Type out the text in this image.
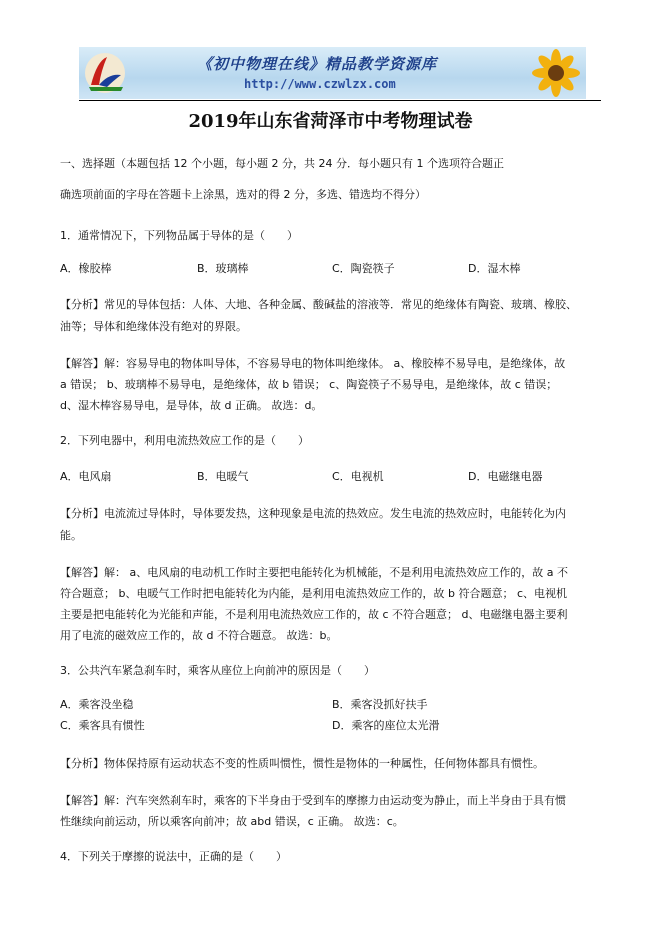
《初中物理在线》精品教学资源库
http://www.czwlzx.com
2019年山东省菏泽市中考物理试卷
一、选择题（本题包括 12 个小题，每小题 2 分，共 24 分．每小题只有 1 个选项符合题正
确选项前面的字母在答题卡上涂黑，选对的得 2 分，多选、错选均不得分）
1．通常情况下，下列物品属于导体的是（　　）
A．橡胶棒	B．玻璃棒	C．陶瓷筷子	D．湿木棒
【分析】常见的导体包括：人体、大地、各种金属、酸碱盐的溶液等．常见的绝缘体有陶瓷、玻璃、橡胶、
油等；导体和绝缘体没有绝对的界限。
【解答】解：容易导电的物体叫导体，不容易导电的物体叫绝缘体。 a、橡胶棒不易导电，是绝缘体，故
a 错误； b、玻璃棒不易导电，是绝缘体，故 b 错误； c、陶瓷筷子不易导电，是绝缘体，故 c 错误；
d、湿木棒容易导电，是导体，故 d 正确。 故选：d。
2．下列电器中，利用电流热效应工作的是（　　）
A．电风扇	B．电暖气	C．电视机	D．电磁继电器
【分析】电流流过导体时，导体要发热，这种现象是电流的热效应。发生电流的热效应时，电能转化为内
能。
【解答】解： a、电风扇的电动机工作时主要把电能转化为机械能，不是利用电流热效应工作的，故 a 不
符合题意； b、电暖气工作时把电能转化为内能，是利用电流热效应工作的，故 b 符合题意； c、电视机
主要是把电能转化为光能和声能，不是利用电流热效应工作的，故 c 不符合题意； d、电磁继电器主要利
用了电流的磁效应工作的，故 d 不符合题意。 故选：b。
3．公共汽车紧急刹车时，乘客从座位上向前冲的原因是（　　）
A．乘客没坐稳	B．乘客没抓好扶手
C．乘客具有惯性	D．乘客的座位太光滑
【分析】物体保持原有运动状态不变的性质叫惯性，惯性是物体的一种属性，任何物体都具有惯性。
【解答】解：汽车突然刹车时，乘客的下半身由于受到车的摩擦力由运动变为静止，而上半身由于具有惯
性继续向前运动，所以乘客向前冲；故 abd 错误，c 正确。 故选：c。
4．下列关于摩擦的说法中，正确的是（　　）
